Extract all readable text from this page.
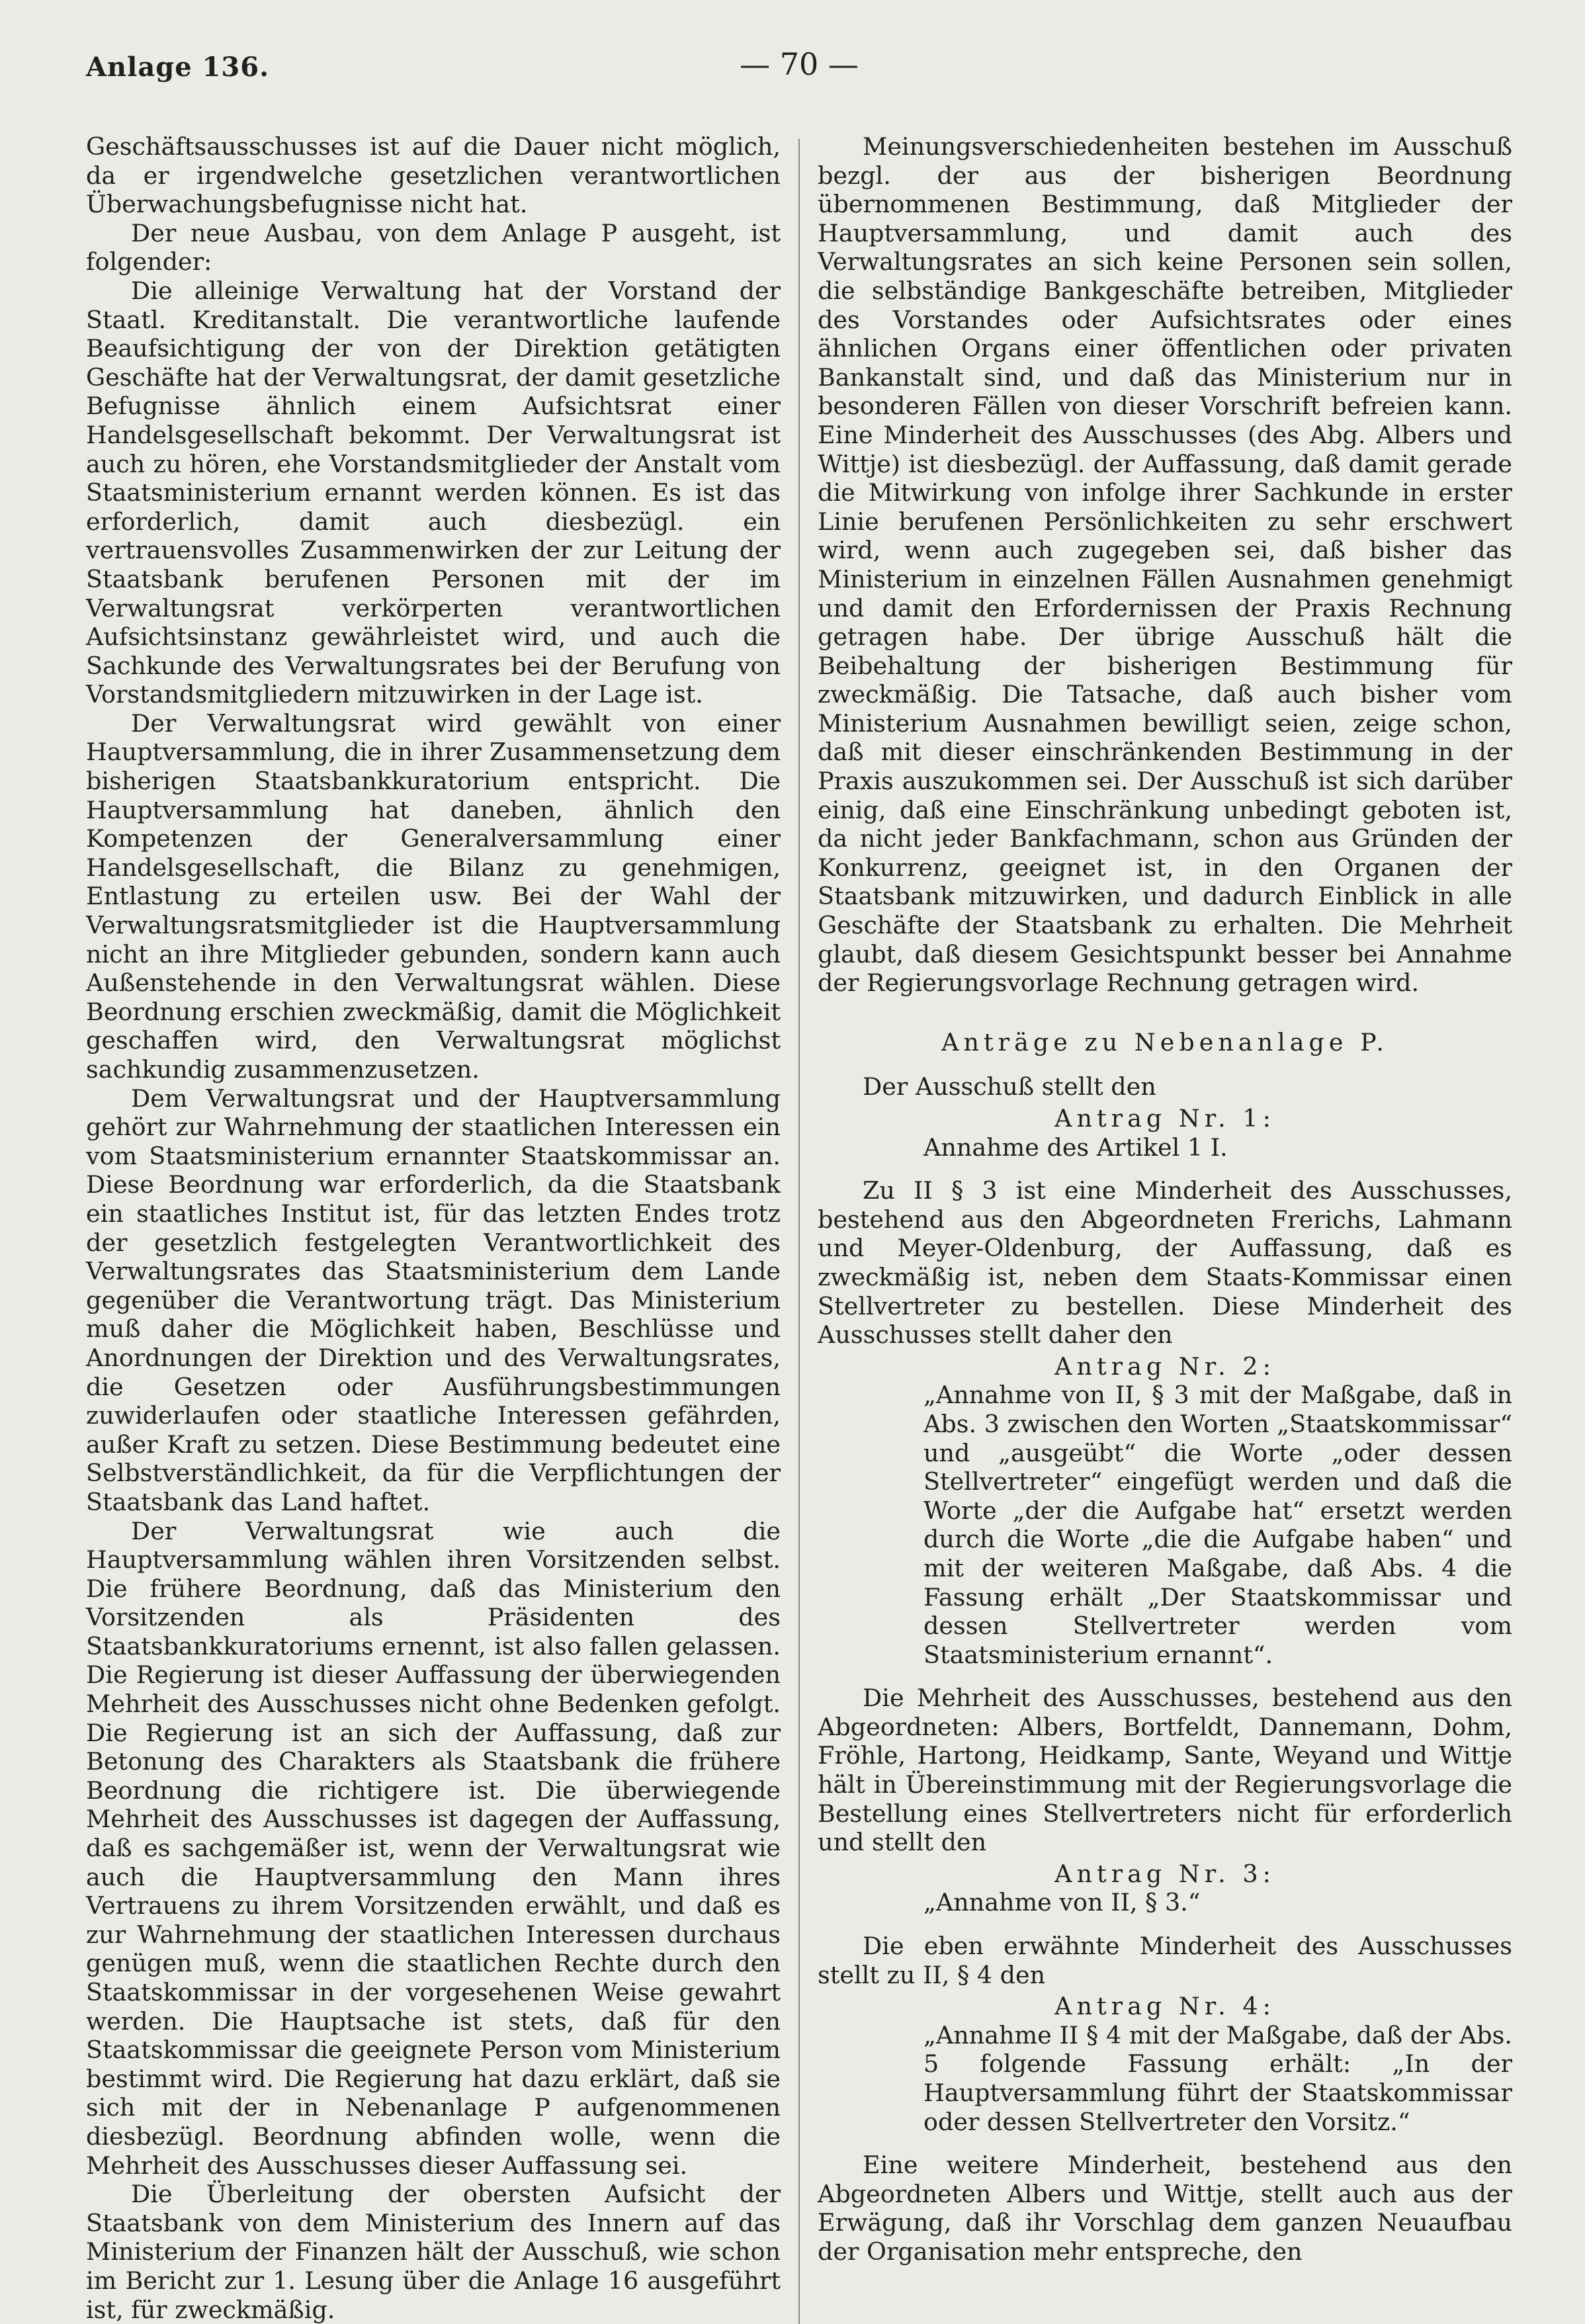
Anlage 136.	— 70 —

Geschäftsausschusses ist auf die Dauer nicht möglich, da er irgendwelche gesetzlichen verantwortlichen Überwachungsbefugnisse nicht hat.

Der neue Ausbau, von dem Anlage P ausgeht, ist folgender:

Die alleinige Verwaltung hat der Vorstand der Staatl. Kreditanstalt. Die verantwortliche laufende Beaufsichtigung der von der Direktion getätigten Geschäfte hat der Verwaltungsrat, der damit gesetzliche Befugnisse ähnlich einem Aufsichtsrat einer Handelsgesellschaft bekommt. Der Verwaltungsrat ist auch zu hören, ehe Vorstandsmitglieder der Anstalt vom Staatsministerium ernannt werden können. Es ist das erforderlich, damit auch diesbezügl. ein vertrauensvolles Zusammenwirken der zur Leitung der Staatsbank berufenen Personen mit der im Verwaltungsrat verkörperten verantwortlichen Aufsichtsinstanz gewährleistet wird, und auch die Sachkunde des Verwaltungsrates bei der Berufung von Vorstandsmitgliedern mitzuwirken in der Lage ist.

Der Verwaltungsrat wird gewählt von einer Hauptversammlung, die in ihrer Zusammensetzung dem bisherigen Staatsbankkuratorium entspricht. Die Hauptversammlung hat daneben, ähnlich den Kompetenzen der Generalversammlung einer Handelsgesellschaft, die Bilanz zu genehmigen, Entlastung zu erteilen usw. Bei der Wahl der Verwaltungsratsmitglieder ist die Hauptversammlung nicht an ihre Mitglieder gebunden, sondern kann auch Außenstehende in den Verwaltungsrat wählen. Diese Beordnung erschien zweckmäßig, damit die Möglichkeit geschaffen wird, den Verwaltungsrat möglichst sachkundig zusammenzusetzen.

Dem Verwaltungsrat und der Hauptversammlung gehört zur Wahrnehmung der staatlichen Interessen ein vom Staatsministerium ernannter Staatskommissar an. Diese Beordnung war erforderlich, da die Staatsbank ein staatliches Institut ist, für das letzten Endes trotz der gesetzlich festgelegten Verantwortlichkeit des Verwaltungsrates das Staatsministerium dem Lande gegenüber die Verantwortung trägt. Das Ministerium muß daher die Möglichkeit haben, Beschlüsse und Anordnungen der Direktion und des Verwaltungsrates, die Gesetzen oder Ausführungsbestimmungen zuwiderlaufen oder staatliche Interessen gefährden, außer Kraft zu setzen. Diese Bestimmung bedeutet eine Selbstverständlichkeit, da für die Verpflichtungen der Staatsbank das Land haftet.

Der Verwaltungsrat wie auch die Hauptversammlung wählen ihren Vorsitzenden selbst. Die frühere Beordnung, daß das Ministerium den Vorsitzenden als Präsidenten des Staatsbankkuratoriums ernennt, ist also fallen gelassen. Die Regierung ist dieser Auffassung der überwiegenden Mehrheit des Ausschusses nicht ohne Bedenken gefolgt. Die Regierung ist an sich der Auffassung, daß zur Betonung des Charakters als Staatsbank die frühere Beordnung die richtigere ist. Die überwiegende Mehrheit des Ausschusses ist dagegen der Auffassung, daß es sachgemäßer ist, wenn der Verwaltungsrat wie auch die Hauptversammlung den Mann ihres Vertrauens zu ihrem Vorsitzenden erwählt, und daß es zur Wahrnehmung der staatlichen Interessen durchaus genügen muß, wenn die staatlichen Rechte durch den Staatskommissar in der vorgesehenen Weise gewahrt werden. Die Hauptsache ist stets, daß für den Staatskommissar die geeignete Person vom Ministerium bestimmt wird. Die Regierung hat dazu erklärt, daß sie sich mit der in Nebenanlage P aufgenommenen diesbezügl. Beordnung abfinden wolle, wenn die Mehrheit des Ausschusses dieser Auffassung sei.

Die Überleitung der obersten Aufsicht der Staatsbank von dem Ministerium des Innern auf das Ministerium der Finanzen hält der Ausschuß, wie schon im Bericht zur 1. Lesung über die Anlage 16 ausgeführt ist, für zweckmäßig.

Meinungsverschiedenheiten bestehen im Ausschuß bezgl. der aus der bisherigen Beordnung übernommenen Bestimmung, daß Mitglieder der Hauptversammlung, und damit auch des Verwaltungsrates an sich keine Personen sein sollen, die selbständige Bankgeschäfte betreiben, Mitglieder des Vorstandes oder Aufsichtsrates oder eines ähnlichen Organs einer öffentlichen oder privaten Bankanstalt sind, und daß das Ministerium nur in besonderen Fällen von dieser Vorschrift befreien kann. Eine Minderheit des Ausschusses (des Abg. Albers und Wittje) ist diesbezügl. der Auffassung, daß damit gerade die Mitwirkung von infolge ihrer Sachkunde in erster Linie berufenen Persönlichkeiten zu sehr erschwert wird, wenn auch zugegeben sei, daß bisher das Ministerium in einzelnen Fällen Ausnahmen genehmigt und damit den Erfordernissen der Praxis Rechnung getragen habe. Der übrige Ausschuß hält die Beibehaltung der bisherigen Bestimmung für zweckmäßig. Die Tatsache, daß auch bisher vom Ministerium Ausnahmen bewilligt seien, zeige schon, daß mit dieser einschränkenden Bestimmung in der Praxis auszukommen sei. Der Ausschuß ist sich darüber einig, daß eine Einschränkung unbedingt geboten ist, da nicht jeder Bankfachmann, schon aus Gründen der Konkurrenz, geeignet ist, in den Organen der Staatsbank mitzuwirken, und dadurch Einblick in alle Geschäfte der Staatsbank zu erhalten. Die Mehrheit glaubt, daß diesem Gesichtspunkt besser bei Annahme der Regierungsvorlage Rechnung getragen wird.

Anträge zu Nebenanlage P.

Der Ausschuß stellt den

Antrag Nr. 1:

Annahme des Artikel 1 I.

Zu II § 3 ist eine Minderheit des Ausschusses, bestehend aus den Abgeordneten Frerichs, Lahmann und Meyer-Oldenburg, der Auffassung, daß es zweckmäßig ist, neben dem Staats-Kommissar einen Stellvertreter zu bestellen. Diese Minderheit des Ausschusses stellt daher den

Antrag Nr. 2:

„Annahme von II, § 3 mit der Maßgabe, daß in Abs. 3 zwischen den Worten „Staatskommissar“ und „ausgeübt“ die Worte „oder dessen Stellvertreter“ eingefügt werden und daß die Worte „der die Aufgabe hat“ ersetzt werden durch die Worte „die die Aufgabe haben“ und mit der weiteren Maßgabe, daß Abs. 4 die Fassung erhält „Der Staatskommissar und dessen Stellvertreter werden vom Staatsministerium ernannt“.

Die Mehrheit des Ausschusses, bestehend aus den Abgeordneten: Albers, Bortfeldt, Dannemann, Dohm, Fröhle, Hartong, Heidkamp, Sante, Weyand und Wittje hält in Übereinstimmung mit der Regierungsvorlage die Bestellung eines Stellvertreters nicht für erforderlich und stellt den

Antrag Nr. 3:

„Annahme von II, § 3.“

Die eben erwähnte Minderheit des Ausschusses stellt zu II, § 4 den

Antrag Nr. 4:

„Annahme II § 4 mit der Maßgabe, daß der Abs. 5 folgende Fassung erhält: „In der Hauptversammlung führt der Staatskommissar oder dessen Stellvertreter den Vorsitz.“

Eine weitere Minderheit, bestehend aus den Abgeordneten Albers und Wittje, stellt auch aus der Erwägung, daß ihr Vorschlag dem ganzen Neuaufbau der Organisation mehr entspreche, den
